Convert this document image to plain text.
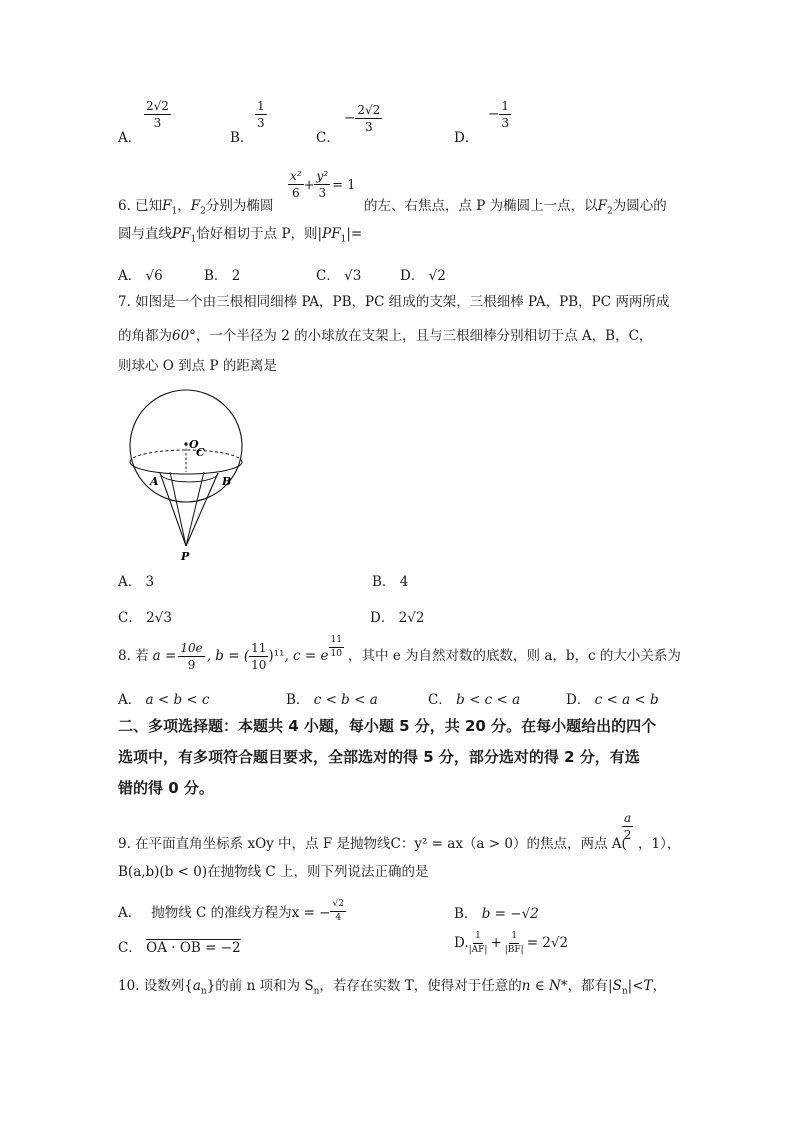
A．
$\frac{2√2}{3}$
B．
$\frac{1}{3}$
C．
− $\frac{2√2}{3}$
D．
− $\frac{1}{3}$
6. 已知$F_1$，$F_2$分别为椭圆
$\frac{\text{x²}}{6} + \frac{\text{y²}}{3} = 1$
的左、右焦点，点 P 为椭圆上一点，以$F_2$为圆心的
圆与直线$PF_1$恰好相切于点 P，则$|PF_1|=$
A． √6	B． 2	C． √3	D． √2
7. 如图是一个由三根相同细棒 PA，PB，PC 组成的支架，三根细棒 PA，PB，PC 两两所成
的角都为60°，一个半径为 2 的小球放在支架上，且与三根细棒分别相切于点 A，B，C，
则球心 O 到点 P 的距离是
O
C
A	B
P
A． 3	B． 4
C． 2√3	D． 2√2
8. 若 $a = \frac{10e}{9}$ , b = ( $\frac{11}{10} )^{11}$ , c = e $\frac{11}{10}$ ，其中 e 为自然对数的底数，则 a，b，c 的大小关系为
A． a < b < c	B． c < b < a	C． b < c < a	D． c < a < b
二、多项选择题：本题共 4 小题，每小题 5 分，共 20 分。在每小题给出的四个
选项中，有多项符合题目要求，全部选对的得 5 分，部分选对的得 2 分，有选
错的得 0 分。
9. 在平面直角坐标系 xOy 中，点 F 是抛物线C：y² = ax（a > 0）的焦点，两点 A(
$\frac{a}{2}$
，1），
B(a,b)(b < 0)在抛物线 C 上，则下列说法正确的是
A． 抛物线 C 的准线方程为x = − $\frac{√2}{4}$	B． b = −√2
C． OA · OB = −2	D. $\frac{1}{|AF|} + \frac{1}{|BF|} = 2√2$
10. 设数列$\{a_n\}$的前 n 项和为 $S_n$，若存在实数 T，使得对于任意的n ∈ N*，都有$|S_n|<T$，
